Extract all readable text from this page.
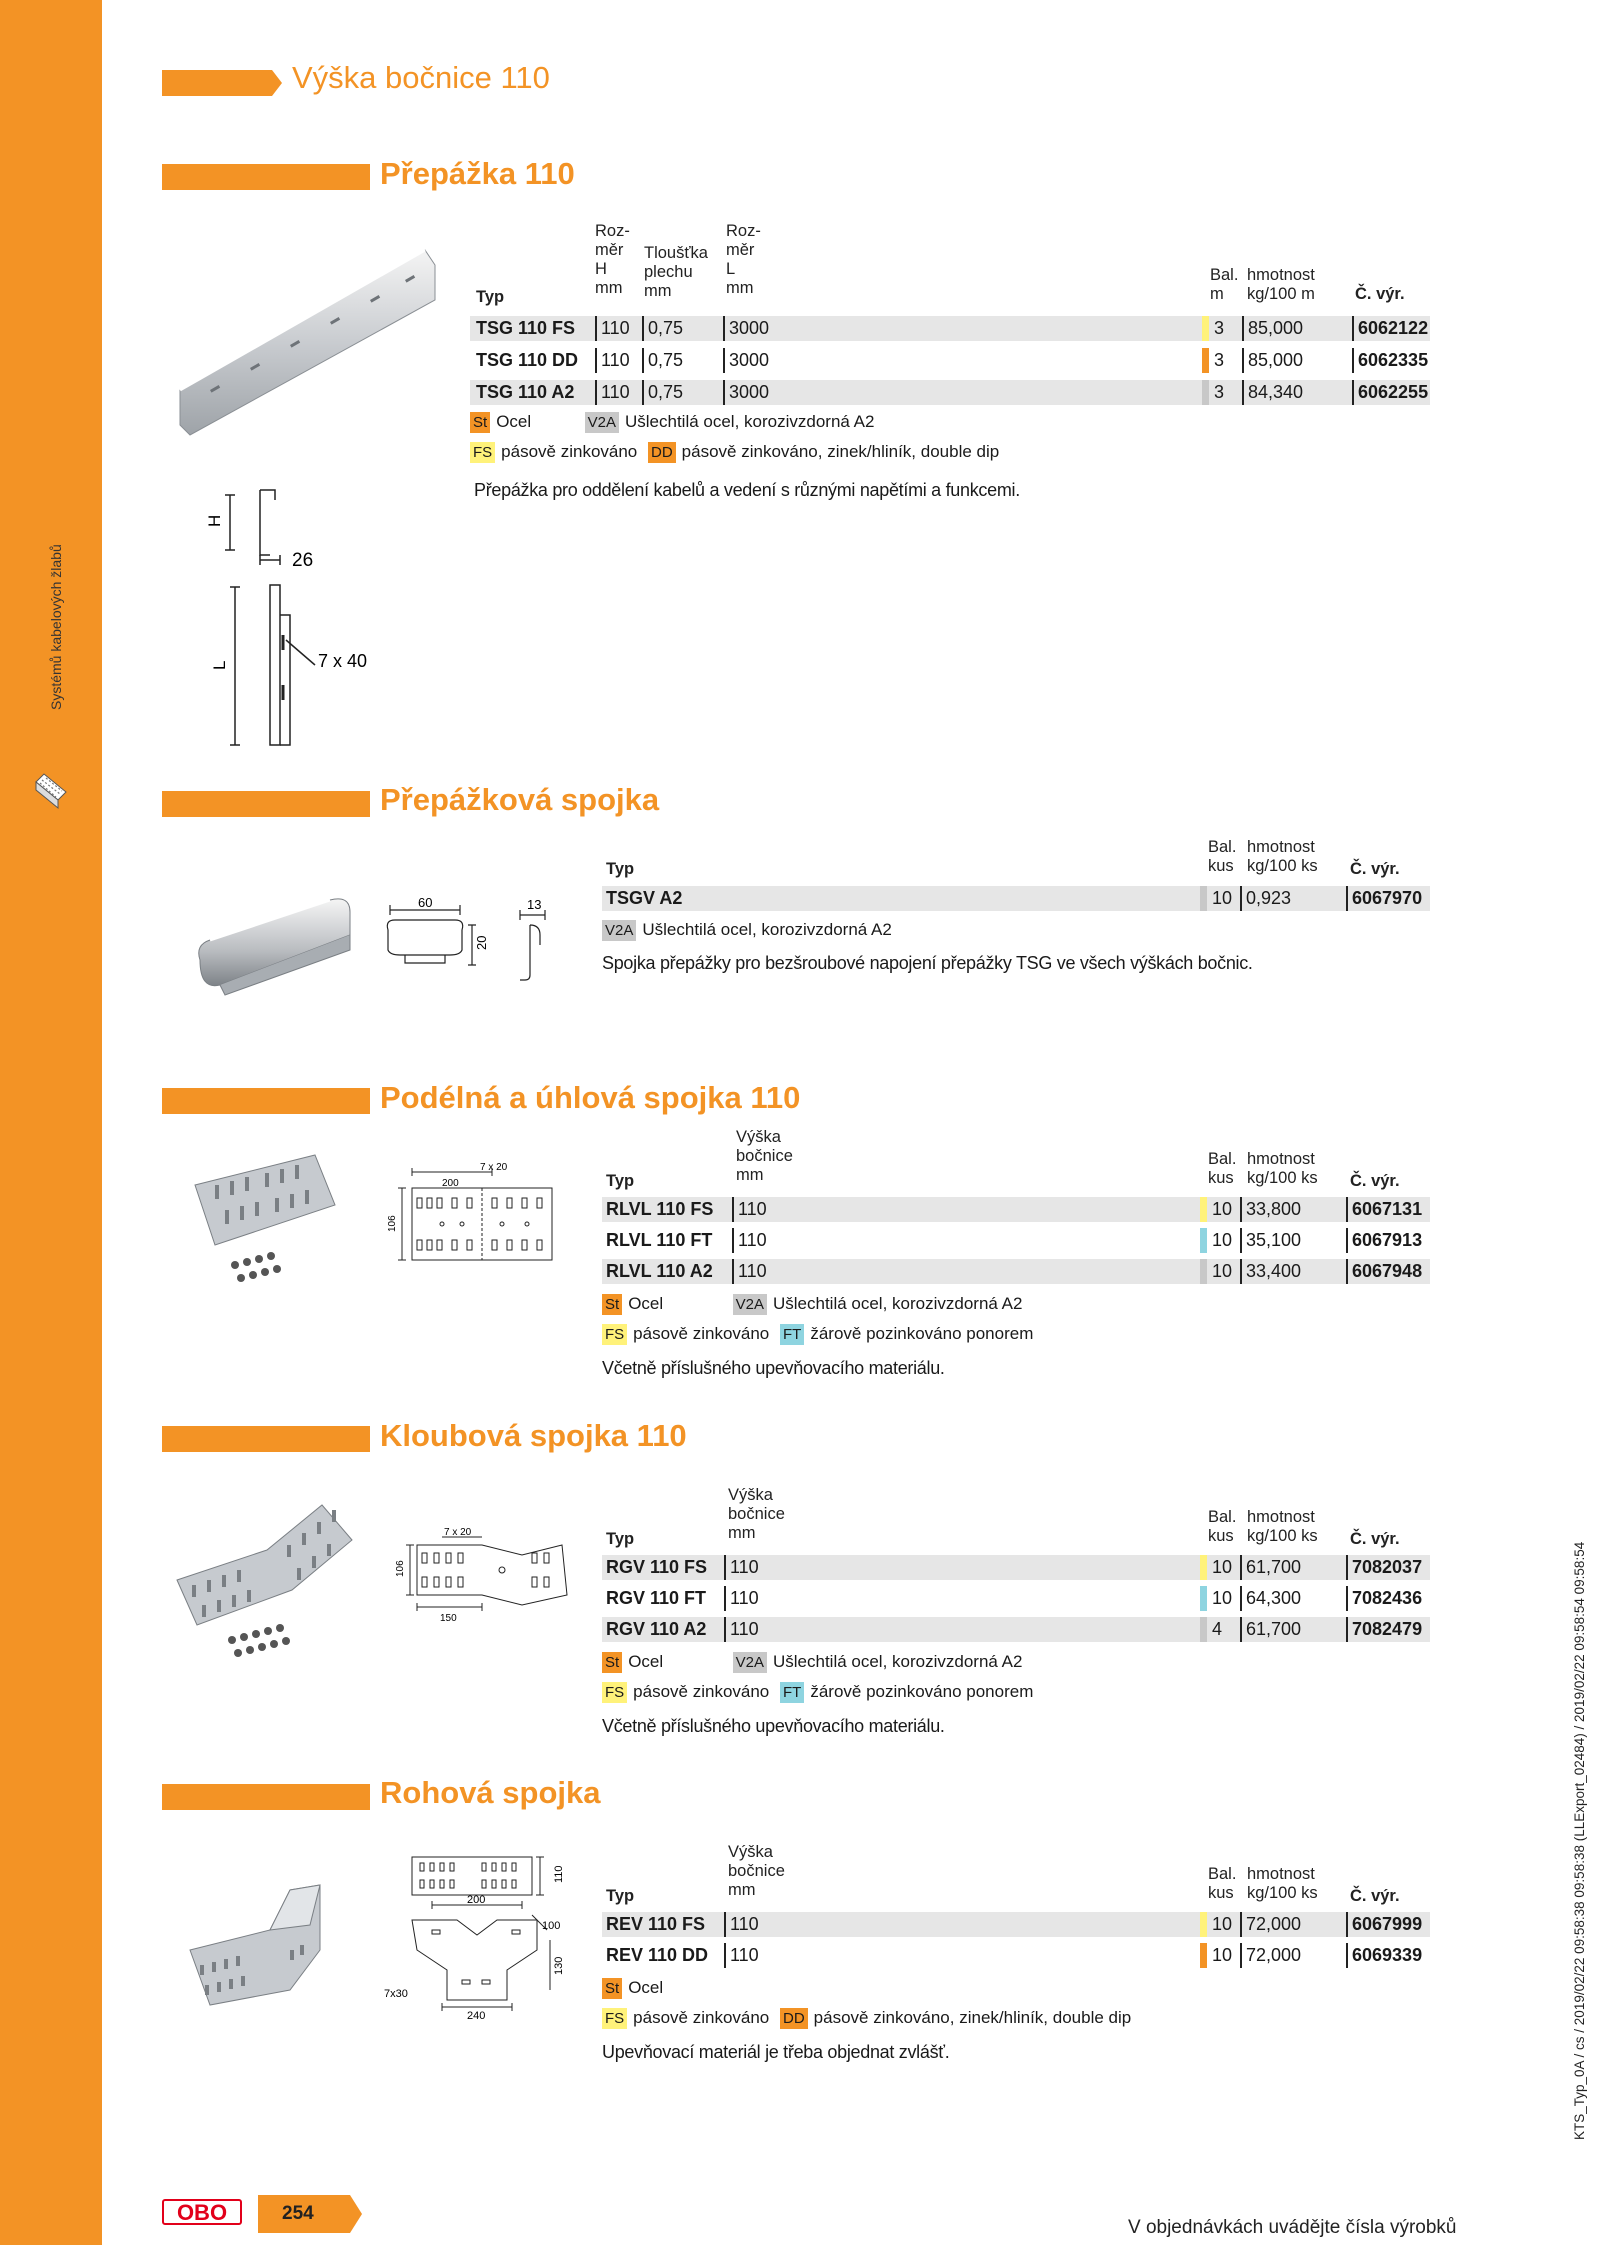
Systémů kabelových žlabů
Výška bočnice 110
Přepážka 110
H
26
L	7 x 40
Typ
Roz-
měr
H
mm
Tloušťka
plechu
mm
Roz-
měr
L
mm
Bal.
m
hmotnost
kg/100 m Č. výr.
TSG 110 FS	110	0,75	3000	3	85,000	6062122
TSG 110 DD	110	0,75	3000	3	85,000	6062335
TSG 110 A2	110	0,75	3000	3	84,340	6062255
St Ocel	V2A Ušlechtilá ocel, korozivzdorná A2
FS pásově zinkováno DD pásově zinkováno, zinek/hliník, double dip
Přepážka pro oddělení kabelů a vedení s různými napětími a funkcemi.
Přepážková spojka
60
20
13
Typ
Bal.
kus
hmotnost
kg/100 ks Č. výr.
TSGV A2	10 0,923	6067970
V2A Ušlechtilá ocel, korozivzdorná A2
Spojka přepážky pro bezšroubové napojení přepážky TSG ve všech výškách bočnic.
Podélná a úhlová spojka 110
7 x 20
200
106
Typ
Výška
bočnice
mm
Bal.
kus
hmotnost
kg/100 ks Č. výr.
RLVL 110 FS	110	10 33,800	6067131
RLVL 110 FT	110	10 35,100	6067913
RLVL 110 A2	110	10 33,400	6067948
St Ocel	V2A Ušlechtilá ocel, korozivzdorná A2
FS pásově zinkováno FT žárově pozinkováno ponorem
Včetně příslušného upevňovacího materiálu.
Kloubová spojka 110
7 x 20
106
150
Typ
Výška
bočnice
mm
Bal.
kus
hmotnost
kg/100 ks Č. výr.
RGV 110 FS	110	10 61,700	7082037
RGV 110 FT	110	10 64,300	7082436
RGV 110 A2	110	4	61,700	7082479
St Ocel	V2A Ušlechtilá ocel, korozivzdorná A2
FS pásově zinkováno FT žárově pozinkováno ponorem
Včetně příslušného upevňovacího materiálu.
Rohová spojka
110
200
100
130
7x30
240
Typ
Výška
bočnice
mm
Bal.
kus
hmotnost
kg/100 ks Č. výr.
REV 110 FS	110	10 72,000	6067999
REV 110 DD	110	10 72,000	6069339
St Ocel
FS pásově zinkováno DD pásově zinkováno, zinek/hliník, double dip
Upevňovací materiál je třeba objednat zvlášť.
OBO	254
V objednávkách uvádějte čísla výrobků
KTS_Typ_0A / cs / 2019/02/22 09:58:38 09:58:38 (LLExport_02484) / 2019/02/22 09:58:54 09:58:54
